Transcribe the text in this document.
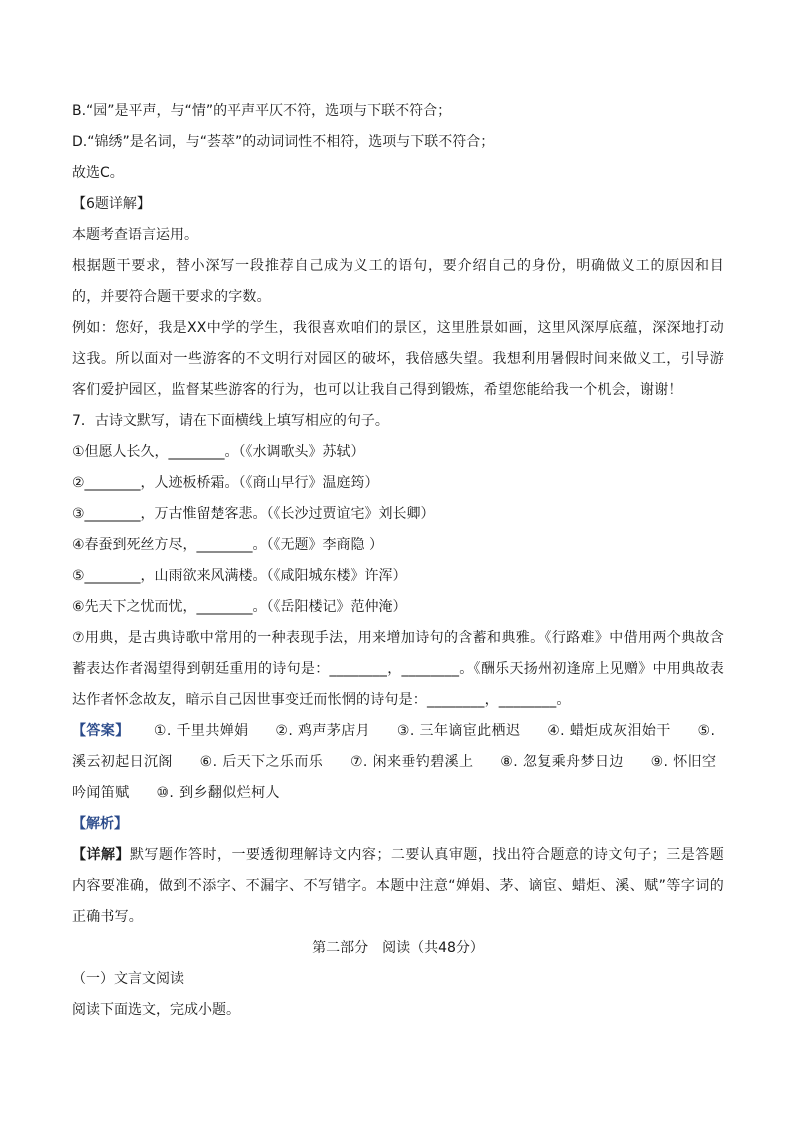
B.“园”是平声，与“情”的平声平仄不符，选项与下联不符合；

D.“锦绣”是名词，与“荟萃”的动词词性不相符，选项与下联不符合；

故选C。

【6题详解】

本题考查语言运用。

根据题干要求，替小深写一段推荐自己成为义工的语句，要介绍自己的身份，明确做义工的原因和目的，并要符合题干要求的字数。

例如：您好，我是XX中学的学生，我很喜欢咱们的景区，这里胜景如画，这里风深厚底蕴，深深地打动这我。所以面对一些游客的不文明行对园区的破坏，我倍感失望。我想利用暑假时间来做义工，引导游客们爱护园区，监督某些游客的行为，也可以让我自己得到锻炼，希望您能给我一个机会，谢谢！

7．古诗文默写，请在下面横线上填写相应的句子。

①但愿人长久，________。（《水调歌头》苏轼）

②________，人迹板桥霜。（《商山早行》温庭筠）

③________，万古惟留楚客悲。（《长沙过贾谊宅》刘长卿）

④春蚕到死丝方尽，________。（《无题》李商隐 ）

⑤________，山雨欲来风满楼。（《咸阳城东楼》许浑）

⑥先天下之忧而忧，________。（《岳阳楼记》范仲淹）

⑦用典，是古典诗歌中常用的一种表现手法，用来增加诗句的含蓄和典雅。《行路难》中借用两个典故含蓄表达作者渴望得到朝廷重用的诗句是：________，________。《酬乐天扬州初逢席上见赠》中用典故表达作者怀念故友，暗示自己因世事变迁而怅惘的诗句是：________，________。

【答案】 ①. 千里共婵娟 ②. 鸡声茅店月 ③. 三年谪宦此栖迟 ④. 蜡炬成灰泪始干 ⑤. 溪云初起日沉阁 ⑥. 后天下之乐而乐 ⑦. 闲来垂钓碧溪上 ⑧. 忽复乘舟梦日边 ⑨. 怀旧空吟闻笛赋 ⑩. 到乡翻似烂柯人

【解析】

【详解】默写题作答时，一要透彻理解诗文内容；二要认真审题，找出符合题意的诗文句子；三是答题内容要准确，做到不添字、不漏字、不写错字。本题中注意“婵娟、茅、谪宦、蜡炬、溪、赋”等字词的正确书写。

第二部分　阅读（共48分）

（一）文言文阅读

阅读下面选文，完成小题。
